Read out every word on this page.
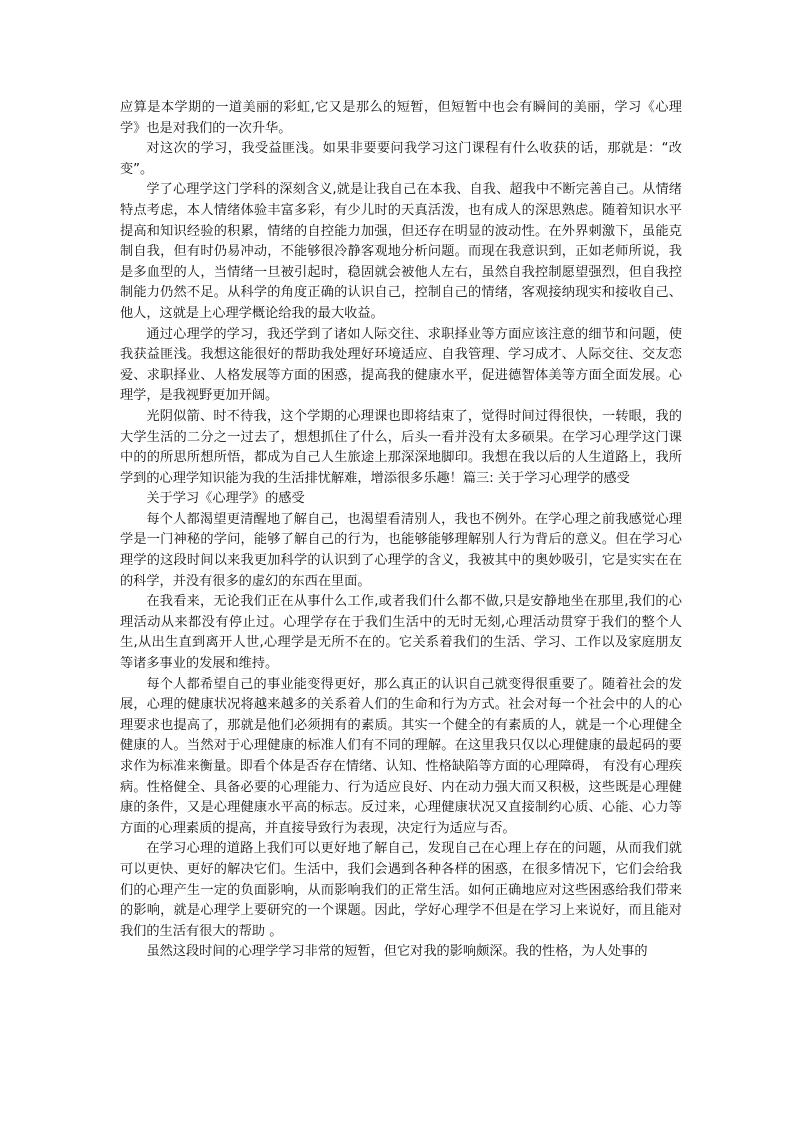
应算是本学期的一道美丽的彩虹,它又是那么的短暂，但短暂中也会有瞬间的美丽，学习《心理学》也是对我们的一次升华。

对这次的学习，我受益匪浅。如果非要要问我学习这门课程有什么收获的话，那就是：“改变”。

学了心理学这门学科的深刻含义,就是让我自己在本我、自我、超我中不断完善自己。从情绪特点考虑，本人情绪体验丰富多彩，有少儿时的天真活泼，也有成人的深思熟虑。随着知识水平提高和知识经验的积累，情绪的自控能力加强，但还存在明显的波动性。在外界刺激下，虽能克制自我，但有时仍易冲动，不能够很冷静客观地分析问题。而现在我意识到，正如老师所说，我是多血型的人，当情绪一旦被引起时，稳固就会被他人左右，虽然自我控制愿望强烈，但自我控制能力仍然不足。从科学的角度正确的认识自己，控制自己的情绪，客观接纳现实和接收自己、他人，这就是上心理学概论给我的最大收益。

通过心理学的学习，我还学到了诸如人际交往、求职择业等方面应该注意的细节和问题，使我获益匪浅。我想这能很好的帮助我处理好环境适应、自我管理、学习成才、人际交往、交友恋爱、求职择业、人格发展等方面的困惑，提高我的健康水平，促进德智体美等方面全面发展。心理学，是我视野更加开阔。

光阴似箭、时不待我，这个学期的心理课也即将结束了，觉得时间过得很快，一转眼，我的大学生活的二分之一过去了，想想抓住了什么，后头一看并没有太多硕果。在学习心理学这门课中的的所思所想所悟，都成为自己人生旅途上那深深地脚印。我想在我以后的人生道路上，我所学到的心理学知识能为我的生活排忧解难，增添很多乐趣！篇三: 关于学习心理学的感受

关于学习《心理学》的感受

每个人都渴望更清醒地了解自己，也渴望看清别人，我也不例外。在学心理之前我感觉心理学是一门神秘的学问，能够了解自己的行为，也能够能够理解别人行为背后的意义。但在学习心理学的这段时间以来我更加科学的认识到了心理学的含义，我被其中的奥妙吸引，它是实实在在的科学，并没有很多的虚幻的东西在里面。

在我看来，无论我们正在从事什么工作,或者我们什么都不做,只是安静地坐在那里,我们的心理活动从来都没有停止过。心理学存在于我们生活中的无时无刻,心理活动贯穿于我们的整个人生,从出生直到离开人世,心理学是无所不在的。它关系着我们的生活、学习、工作以及家庭朋友等诸多事业的发展和维持。

每个人都希望自己的事业能变得更好，那么真正的认识自己就变得很重要了。随着社会的发展，心理的健康状况将越来越多的关系着人们的生命和行为方式。社会对每一个社会中的人的心理要求也提高了，那就是他们必须拥有的素质。其实一个健全的有素质的人，就是一个心理健全健康的人。当然对于心理健康的标准人们有不同的理解。在这里我只仅以心理健康的最起码的要求作为标准来衡量。即看个体是否存在情绪、认知、性格缺陷等方面的心理障碍， 有没有心理疾病。性格健全、具备必要的心理能力、行为适应良好、内在动力强大而又积极，这些既是心理健康的条件，又是心理健康水平高的标志。反过来，心理健康状况又直接制约心质、心能、心力等方面的心理素质的提高，并直接导致行为表现，决定行为适应与否。

在学习心理的道路上我们可以更好地了解自己，发现自己在心理上存在的问题，从而我们就可以更快、更好的解决它们。生活中，我们会遇到各种各样的困惑，在很多情况下，它们会给我们的心理产生一定的负面影响，从而影响我们的正常生活。如何正确地应对这些困惑给我们带来的影响，就是心理学上要研究的一个课题。因此，学好心理学不但是在学习上来说好，而且能对我们的生活有很大的帮助 。

虽然这段时间的心理学学习非常的短暂，但它对我的影响颇深。我的性格，为人处事的
